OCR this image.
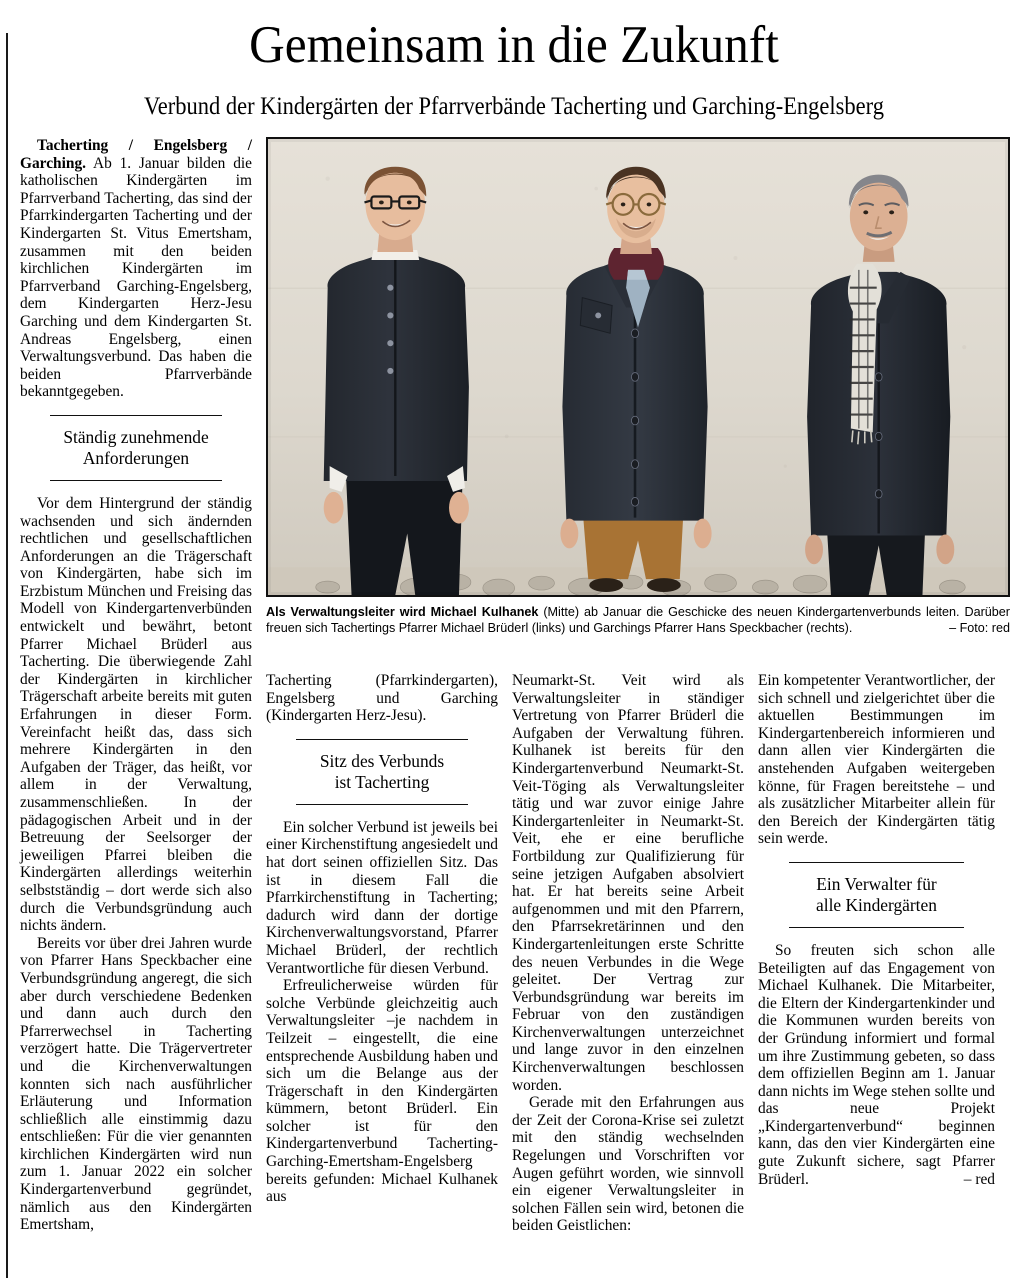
Gemeinsam in die Zukunft
Verbund der Kindergärten der Pfarrverbände Tacherting und Garching-Engelsberg
Als Verwaltungsleiter wird Michael Kulhanek (Mitte) ab Januar die Geschicke des neuen Kindergartenverbunds leiten. Darüber freuen sich Tachertings Pfarrer Michael Brüderl (links) und Garchings Pfarrer Hans Speckbacher (rechts).	– Foto: red

Tacherting / Engelsberg / Garching. Ab 1. Januar bilden die katholischen Kindergärten im Pfarrverband Tacherting, das sind der Pfarrkindergarten Tacherting und der Kindergarten St. Vitus Emertsham, zusammen mit den beiden kirchlichen Kindergärten im Pfarrverband Garching-Engelsberg, dem Kindergarten Herz-Jesu Garching und dem Kindergarten St. Andreas Engelsberg, einen Verwaltungsverbund. Das haben die beiden Pfarrverbände bekanntgegeben.

Ständig zunehmende
Anforderungen

Vor dem Hintergrund der ständig wachsenden und sich ändernden rechtlichen und gesellschaftlichen Anforderungen an die Trägerschaft von Kindergärten, habe sich im Erzbistum München und Freising das Modell von Kindergartenverbünden entwickelt und bewährt, betont Pfarrer Michael Brüderl aus Tacherting. Die überwiegende Zahl der Kindergärten in kirchlicher Trägerschaft arbeite bereits mit guten Erfahrungen in dieser Form. Vereinfacht heißt das, dass sich mehrere Kindergärten in den Aufgaben der Träger, das heißt, vor allem in der Verwaltung, zusammenschließen. In der pädagogischen Arbeit und in der Betreuung der Seelsorger der jeweiligen Pfarrei bleiben die Kindergärten allerdings weiterhin selbstständig – dort werde sich also durch die Verbundsgründung auch nichts ändern.

Bereits vor über drei Jahren wurde von Pfarrer Hans Speckbacher eine Verbundsgründung angeregt, die sich aber durch verschiedene Bedenken und dann auch durch den Pfarrerwechsel in Tacherting verzögert hatte. Die Trägervertreter und die Kirchenverwaltungen konnten sich nach ausführlicher Erläuterung und Information schließlich alle einstimmig dazu entschließen: Für die vier genannten kirchlichen Kindergärten wird nun zum 1. Januar 2022 ein solcher Kindergartenverbund gegründet, nämlich aus den Kindergärten Emertsham,

Tacherting (Pfarrkindergarten), Engelsberg und Garching (Kindergarten Herz-Jesu).

Sitz des Verbunds
ist Tacherting

Ein solcher Verbund ist jeweils bei einer Kirchenstiftung angesiedelt und hat dort seinen offiziellen Sitz. Das ist in diesem Fall die Pfarrkirchenstiftung in Tacherting; dadurch wird dann der dortige Kirchenverwaltungsvorstand, Pfarrer Michael Brüderl, der rechtlich Verantwortliche für diesen Verbund.

Erfreulicherweise würden für solche Verbünde gleichzeitig auch Verwaltungsleiter –je nachdem in Teilzeit – eingestellt, die eine entsprechende Ausbildung haben und sich um die Belange aus der Trägerschaft in den Kindergärten kümmern, betont Brüderl. Ein solcher ist für den Kindergartenverbund Tacherting-Garching-Emertsham-Engelsberg bereits gefunden: Michael Kulhanek aus

Neumarkt-St. Veit wird als Verwaltungsleiter in ständiger Vertretung von Pfarrer Brüderl die Aufgaben der Verwaltung führen. Kulhanek ist bereits für den Kindergartenverbund Neumarkt-St. Veit-Töging als Verwaltungsleiter tätig und war zuvor einige Jahre Kindergartenleiter in Neumarkt-St. Veit, ehe er eine berufliche Fortbildung zur Qualifizierung für seine jetzigen Aufgaben absolviert hat. Er hat bereits seine Arbeit aufgenommen und mit den Pfarrern, den Pfarrsekretärinnen und den Kindergartenleitungen erste Schritte des neuen Verbundes in die Wege geleitet. Der Vertrag zur Verbundsgründung war bereits im Februar von den zuständigen Kirchenverwaltungen unterzeichnet und lange zuvor in den einzelnen Kirchenverwaltungen beschlossen worden.

Gerade mit den Erfahrungen aus der Zeit der Corona-Krise sei zuletzt mit den ständig wechselnden Regelungen und Vorschriften vor Augen geführt worden, wie sinnvoll ein eigener Verwaltungsleiter in solchen Fällen sein wird, betonen die beiden Geistlichen:

Ein kompetenter Verantwortlicher, der sich schnell und zielgerichtet über die aktuellen Bestimmungen im Kindergartenbereich informieren und dann allen vier Kindergärten die anstehenden Aufgaben weitergeben könne, für Fragen bereitstehe – und als zusätzlicher Mitarbeiter allein für den Bereich der Kindergärten tätig sein werde.

Ein Verwalter für
alle Kindergärten

So freuten sich schon alle Beteiligten auf das Engagement von Michael Kulhanek. Die Mitarbeiter, die Eltern der Kindergartenkinder und die Kommunen wurden bereits von der Gründung informiert und formal um ihre Zustimmung gebeten, so dass dem offiziellen Beginn am 1. Januar dann nichts im Wege stehen sollte und das neue Projekt „Kindergartenverbund“ beginnen kann, das den vier Kindergärten eine gute Zukunft sichere, sagt Pfarrer Brüderl.	– red
